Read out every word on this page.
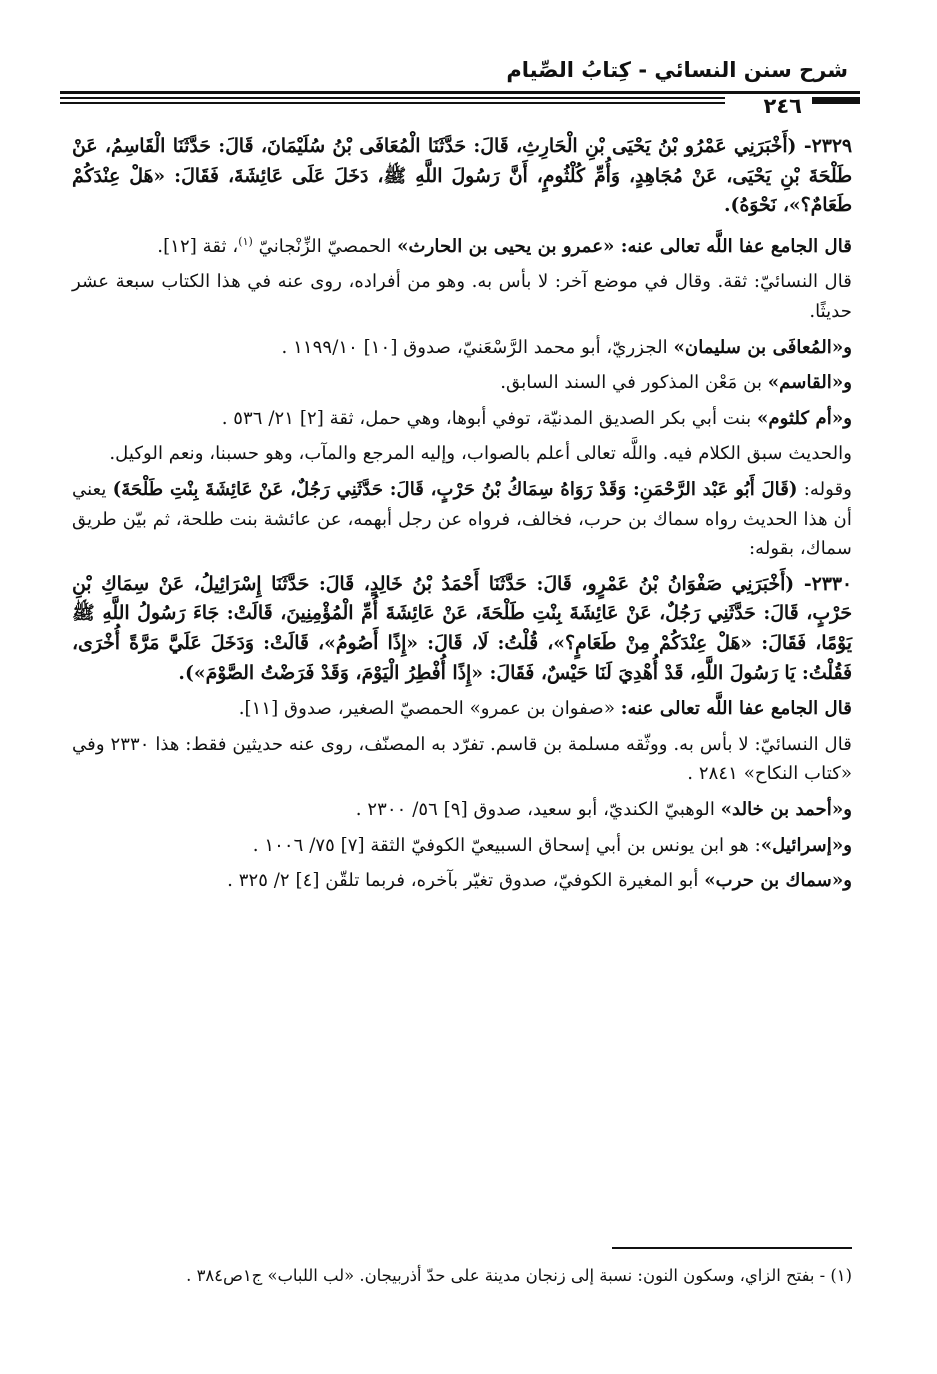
شرح سنن النسائي - كِتابُ الصِّيام
٢٤٦

٢٣٢٩- (أَخْبَرَنِي عَمْرُو بْنُ يَحْيَى بْنِ الْحَارِثِ، قَالَ: حَدَّثَنَا الْمُعَافَى بْنُ سُلَيْمَانَ، قَالَ: حَدَّثَنَا الْقَاسِمُ، عَنْ طَلْحَةَ بْنِ يَحْيَى، عَنْ مُجَاهِدٍ، وَأُمِّ كُلْثُومٍ، أَنَّ رَسُولَ اللَّهِ ﷺ، دَخَلَ عَلَى عَائِشَةَ، فَقَالَ: «هَلْ عِنْدَكُمْ طَعَامٌ؟»، نَحْوَهُ).

قال الجامع عفا اللَّه تعالى عنه: «عمرو بن يحيى بن الحارث» الحمصيّ الزِّنْجانيّ $^{(١)}$، ثقة [١٢].

قال النسائيّ: ثقة. وقال في موضع آخر: لا بأس به. وهو من أفراده، روى عنه في هذا الكتاب سبعة عشر حديثًا.

و«المُعافَى بن سليمان» الجزريّ، أبو محمد الرَّسْعَنيّ، صدوق [١٠] ١١٩٩/١٠ .

و«القاسم» بن مَعْن المذكور في السند السابق.

و«أم كلثوم» بنت أبي بكر الصديق المدنيّة، توفي أبوها، وهي حمل، ثقة [٢] ٢١/ ٥٣٦ .

والحديث سبق الكلام فيه. واللَّه تعالى أعلم بالصواب، وإليه المرجع والمآب، وهو حسبنا، ونعم الوكيل.

وقوله: (قَالَ أَبُو عَبْد الرَّحْمَنِ: وَقَدْ رَوَاهُ سِمَاكُ بْنُ حَرْبٍ، قَالَ: حَدَّثَنِي رَجُلٌ، عَنْ عَائِشَةَ بِنْتِ طَلْحَةَ) يعني أن هذا الحديث رواه سماك بن حرب، فخالف، فرواه عن رجل أبهمه، عن عائشة بنت طلحة، ثم بيّن طريق سماك، بقوله:

٢٣٣٠- (أَخْبَرَنِي صَفْوَانُ بْنُ عَمْرٍو، قَالَ: حَدَّثَنَا أَحْمَدُ بْنُ خَالِدٍ، قَالَ: حَدَّثَنَا إِسْرَائِيلُ، عَنْ سِمَاكِ بْنِ حَرْبٍ، قَالَ: حَدَّثَنِي رَجُلٌ، عَنْ عَائِشَةَ بِنْتِ طَلْحَةَ، عَنْ عَائِشَةَ أُمِّ الْمُؤْمِنِينَ، قَالَتْ: جَاءَ رَسُولُ اللَّهِ ﷺ يَوْمًا، فَقَالَ: «هَلْ عِنْدَكُمْ مِنْ طَعَامٍ؟»، قُلْتُ: لَا، قَالَ: «إِذًا أَصُومُ»، قَالَتْ: وَدَخَلَ عَلَيَّ مَرَّةً أُخْرَى، فَقُلْتُ: يَا رَسُولَ اللَّهِ، قَدْ أُهْدِيَ لَنَا حَيْسٌ، فَقَالَ: «إِذًا أُفْطِرُ الْيَوْمَ، وَقَدْ فَرَضْتُ الصَّوْمَ»).

قال الجامع عفا اللَّه تعالى عنه: «صفوان بن عمرو» الحمصيّ الصغير، صدوق [١١].

قال النسائيّ: لا بأس به. ووثّقه مسلمة بن قاسم. تفرّد به المصنّف، روى عنه حديثين فقط: هذا ٢٣٣٠ وفي «كتاب النكاح» ٢٨٤١ .

و«أحمد بن خالد» الوهبيّ الكنديّ، أبو سعيد، صدوق [٩] ٥٦/ ٢٣٠٠ .

و«إسرائيل»: هو ابن يونس بن أبي إسحاق السبيعيّ الكوفيّ الثقة [٧] ٧٥/ ١٠٠٦ .

و«سماك بن حرب» أبو المغيرة الكوفيّ، صدوق تغيّر بآخره، فربما تلقّن [٤] ٢/ ٣٢٥ .

(١) - بفتح الزاي، وسكون النون: نسبة إلى زنجان مدينة على حدّ أذربيجان. «لب اللباب» ج١ص٣٨٤ .
